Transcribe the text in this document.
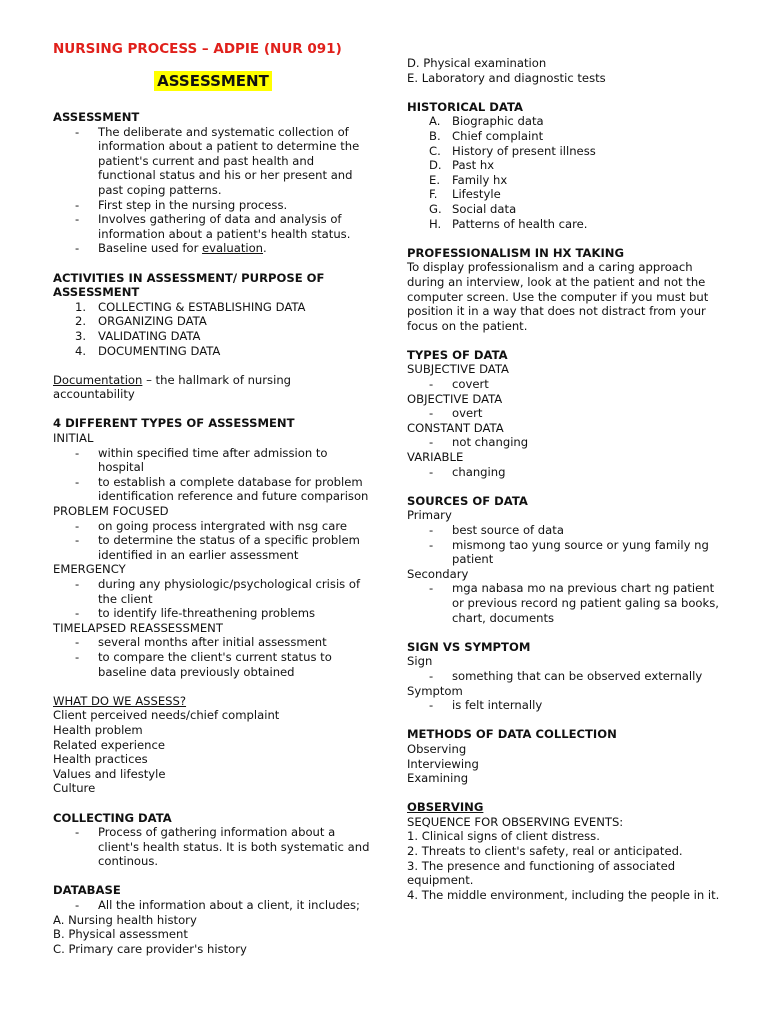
NURSING PROCESS – ADPIE (NUR 091)
ASSESSMENT
ASSESSMENT
- The deliberate and systematic collection of information about a patient to determine the patient's current and past health and functional status and his or her present and past coping patterns.
- First step in the nursing process.
- Involves gathering of data and analysis of information about a patient's health status.
- Baseline used for evaluation.
ACTIVITIES IN ASSESSMENT/ PURPOSE OF ASSESSMENT
1. COLLECTING & ESTABLISHING DATA
2. ORGANIZING DATA
3. VALIDATING DATA
4. DOCUMENTING DATA
Documentation – the hallmark of nursing accountability
4 DIFFERENT TYPES OF ASSESSMENT
INITIAL
- within specified time after admission to hospital
- to establish a complete database for problem identification reference and future comparison
PROBLEM FOCUSED
- on going process intergrated with nsg care
- to determine the status of a specific problem identified in an earlier assessment
EMERGENCY
- during any physiologic/psychological crisis of the client
- to identify life-threathening problems
TIMELAPSED REASSESSMENT
- several months after initial assessment
- to compare the client's current status to baseline data previously obtained
WHAT DO WE ASSESS?
Client perceived needs/chief complaint
Health problem
Related experience
Health practices
Values and lifestyle
Culture
COLLECTING DATA
- Process of gathering information about a client's health status. It is both systematic and continous.
DATABASE
- All the information about a client, it includes;
A. Nursing health history
B. Physical assessment
C. Primary care provider's history
D. Physical examination
E. Laboratory and diagnostic tests
HISTORICAL DATA
A. Biographic data
B. Chief complaint
C. History of present illness
D. Past hx
E. Family hx
F. Lifestyle
G. Social data
H. Patterns of health care.
PROFESSIONALISM IN HX TAKING
To display professionalism and a caring approach during an interview, look at the patient and not the computer screen. Use the computer if you must but position it in a way that does not distract from your focus on the patient.
TYPES OF DATA
SUBJECTIVE DATA
- covert
OBJECTIVE DATA
- overt
CONSTANT DATA
- not changing
VARIABLE
- changing
SOURCES OF DATA
Primary
- best source of data
- mismong tao yung source or yung family ng patient
Secondary
- mga nabasa mo na previous chart ng patient or previous record ng patient galing sa books, chart, documents
SIGN VS SYMPTOM
Sign
- something that can be observed externally
Symptom
- is felt internally
METHODS OF DATA COLLECTION
Observing
Interviewing
Examining
OBSERVING
SEQUENCE FOR OBSERVING EVENTS:
1. Clinical signs of client distress.
2. Threats to client's safety, real or anticipated.
3. The presence and functioning of associated equipment.
4. The middle environment, including the people in it.
